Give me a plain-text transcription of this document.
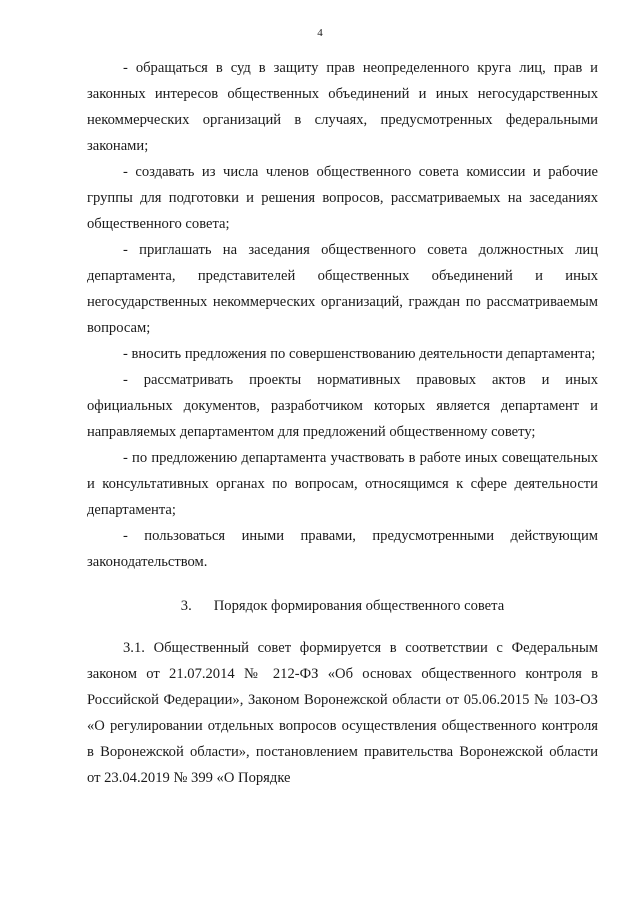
4

- обращаться в суд в защиту прав неопределенного круга лиц, прав и законных интересов общественных объединений и иных негосударственных некоммерческих организаций в случаях, предусмотренных федеральными законами;

- создавать из числа членов общественного совета комиссии и рабочие группы для подготовки и решения вопросов, рассматриваемых на заседаниях общественного совета;

- приглашать на заседания общественного совета должностных лиц департамента, представителей общественных объединений и иных негосударственных некоммерческих организаций, граждан по рассматриваемым вопросам;

- вносить предложения по совершенствованию деятельности департамента;

- рассматривать проекты нормативных правовых актов и иных официальных документов, разработчиком которых является департамент и направляемых департаментом для предложений общественному совету;

- по предложению департамента участвовать в работе иных совещательных и консультативных органах по вопросам, относящимся к сфере деятельности департамента;

- пользоваться иными правами, предусмотренными действующим законодательством.

3. Порядок формирования общественного совета

3.1. Общественный совет формируется в соответствии с Федеральным законом от 21.07.2014 № 212-ФЗ «Об основах общественного контроля в Российской Федерации», Законом Воронежской области от 05.06.2015 № 103-ОЗ «О регулировании отдельных вопросов осуществления общественного контроля в Воронежской области», постановлением правительства Воронежской области от 23.04.2019 № 399 «О Порядке
